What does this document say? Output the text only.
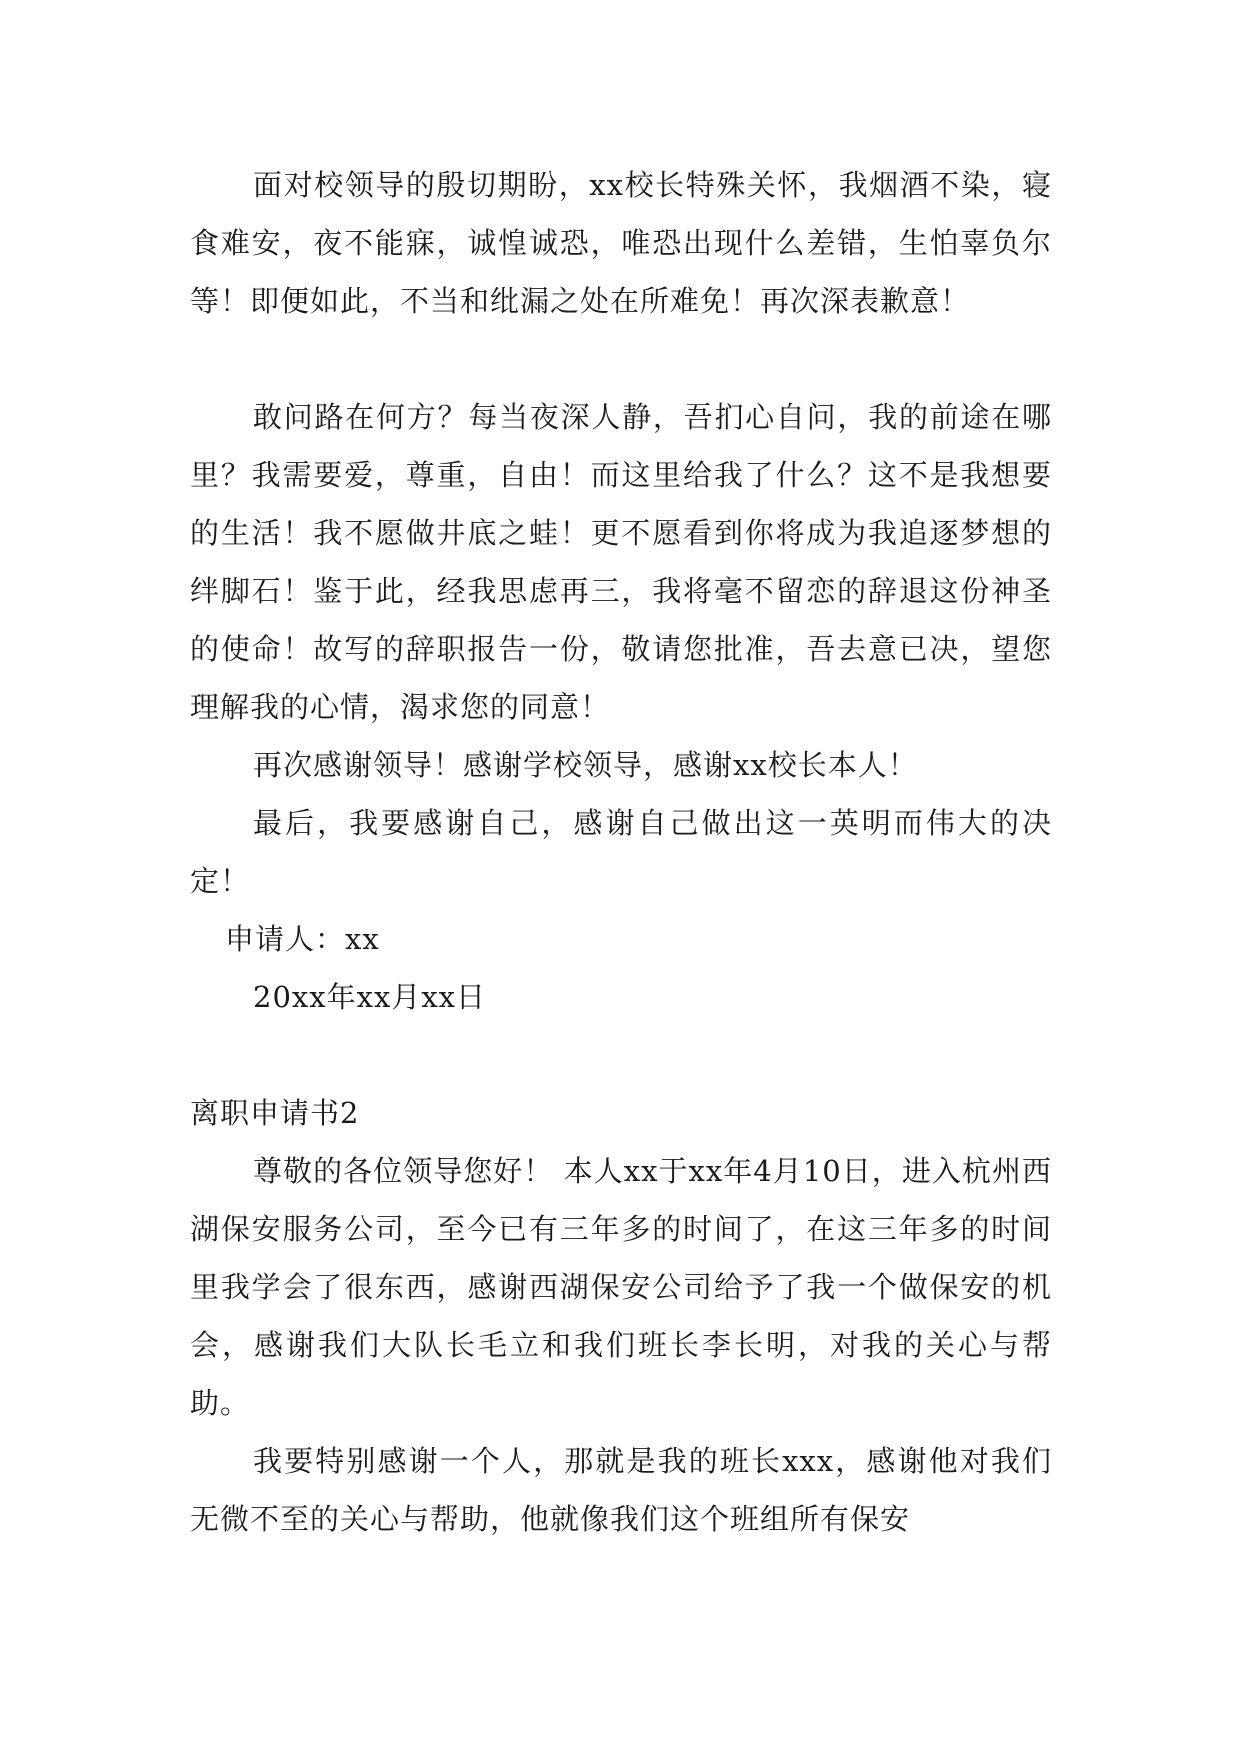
面对校领导的殷切期盼，xx校长特殊关怀，我烟酒不染，寝食难安，夜不能寐，诚惶诚恐，唯恐出现什么差错，生怕辜负尔等！即便如此，不当和纰漏之处在所难免！再次深表歉意！
敢问路在何方？每当夜深人静，吾扪心自问，我的前途在哪里？我需要爱，尊重，自由！而这里给我了什么？这不是我想要的生活！我不愿做井底之蛙！更不愿看到你将成为我追逐梦想的绊脚石！鉴于此，经我思虑再三，我将毫不留恋的辞退这份神圣的使命！故写的辞职报告一份，敬请您批准，吾去意已决，望您理解我的心情，渴求您的同意！
再次感谢领导！感谢学校领导，感谢xx校长本人！
最后，我要感谢自己，感谢自己做出这一英明而伟大的决定！
申请人：xx
20xx年xx月xx日
离职申请书2
尊敬的各位领导您好！ 本人xx于xx年4月10日，进入杭州西湖保安服务公司，至今已有三年多的时间了，在这三年多的时间里我学会了很东西，感谢西湖保安公司给予了我一个做保安的机会，感谢我们大队长毛立和我们班长李长明，对我的关心与帮助。
我要特别感谢一个人，那就是我的班长xxx，感谢他对我们无微不至的关心与帮助，他就像我们这个班组所有保安
